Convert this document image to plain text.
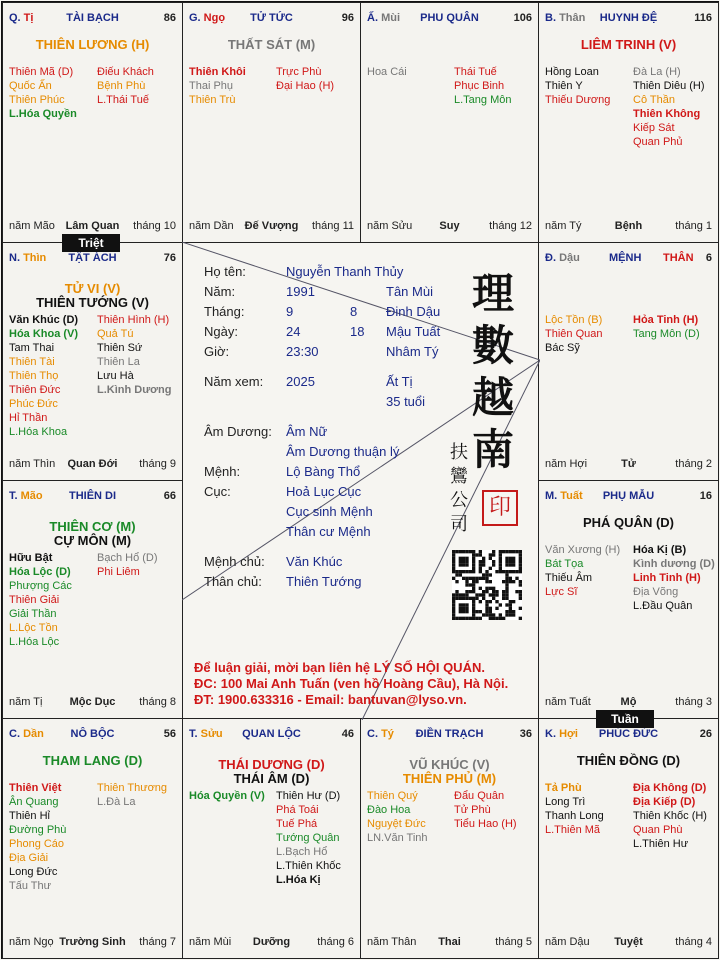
TÀI BẠCH
Q. Tị	86
THIÊN LƯƠNG (H)
Thiên Mã (D)
Quốc Ấn
Thiên Phúc
L.Hóa Quyền
Điếu Khách
Bệnh Phù
L.Thái Tuế
năm Mão Lâm Quan	tháng 10
TỬ TỨC
G. Ngọ	96
THẤT SÁT (M)
Thiên Khôi
Thai Phụ
Thiên Trù
Trực Phù
Đại Hao (H)
năm Dần	Đế Vượng	tháng 11
PHU QUÂN
Ấ. Mùi	106
Hoa Cái	Thái Tuế
Phục Binh
L.Tang Môn
năm Sửu	Suy	tháng 12
HUYNH ĐỆ
B. Thân	116
LIÊM TRINH (V)
Hồng Loan
Thiên Y
Thiếu Dương
Đà La (H)
Thiên Diêu (H)
Cô Thần
Thiên Không
Kiếp Sát
Quan Phủ
năm Tý	Bệnh	tháng 1
TẬT ÁCH
N. Thìn	76
TỬ VI (V)
THIÊN TƯỚNG (V)
Văn Khúc (D)
Hóa Khoa (V)
Tam Thai
Thiên Tài
Thiên Thọ
Thiên Đức
Phúc Đức
Hỉ Thần
L.Hóa Khoa
Thiên Hình (H)
Quả Tú
Thiên Sứ
Thiên La
Lưu Hà
L.Kình Dương
năm Thìn	Quan Đới	tháng 9
THÂN
MỆNH
Đ. Dậu	6
Lộc Tồn (B)
Thiên Quan
Bác Sỹ
Hỏa Tinh (H)
Tang Môn (D)
năm Hợi	Tử	tháng 2
THIÊN DI
T. Mão	66
THIÊN CƠ (M)
CỰ MÔN (M)
Hữu Bật
Hóa Lộc (D)
Phượng Các
Thiên Giải
Giải Thần
L.Lộc Tồn
L.Hóa Lộc
Bạch Hổ (D)
Phi Liêm
năm Tị	Mộc Dục	tháng 8
PHỤ MẪU
M. Tuất	16
PHÁ QUÂN (D)
Văn Xương (H)
Bát Tọa
Thiếu Âm
Lực Sĩ
Hóa Kị (B)
Kình dương (D)
Linh Tinh (H)
Địa Võng
L.Đầu Quân
năm Tuất	Mộ	tháng 3
NÔ BỘC
C. Dần	56
THAM LANG (D)
Thiên Việt
Ân Quang
Thiên Hỉ
Đường Phù
Phong Cáo
Địa Giải
Long Đức
Tấu Thư
Thiên Thương
L.Đà La
năm Ngọ Trường Sinh	tháng 7
QUAN LỘC
T. Sửu	46
THÁI DƯƠNG (D)
THÁI ÂM (D)
Hóa Quyền (V) Thiên Hư (D)
Phá Toái
Tuế Phá
Tướng Quân
L.Bạch Hổ
L.Thiên Khốc
L.Hóa Kị
năm Mùi	Dưỡng	tháng 6
ĐIỀN TRẠCH
C. Tý	36
VŨ KHÚC (V)
THIÊN PHỦ (M)
Thiên Quý
Đào Hoa
Nguyệt Đức
LN.Văn Tinh
Đẩu Quân
Tử Phù
Tiểu Hao (H)
năm Thân	Thai	tháng 5
PHÚC ĐỨC
K. Hợi	26
THIÊN ĐỒNG (D)
Tả Phù
Long Trì
Thanh Long
L.Thiên Mã
Địa Không (D)
Địa Kiếp (D)
Thiên Khốc (H)
Quan Phù
L.Thiên Hư
năm Dậu	Tuyệt	tháng 4
Triệt
Tuần
Họ tên:	Nguyễn Thanh Thủy
Năm:	1991	Tân Mùi
Tháng:	9	8 Đinh Dậu
Ngày:	24	18 Mậu Tuất
Giờ:	23:30	Nhâm Tý
Năm xem: 2025	Ất Tị
35 tuổi
Âm Dương: Âm Nữ
Âm Dương thuận lý
Mệnh:	Lộ Bàng Thổ
Cục:	Hoả Lục Cục
Cục sinh Mệnh
Thân cư Mệnh
Mệnh chủ: Văn Khúc
Thân chủ: Thiên Tướng
Để luận giải, mời bạn liên hệ LÝ SỐ HỘI QUÁN.
ĐC: 100 Mai Anh Tuấn (ven hồ Hoàng Cầu), Hà Nội.
ĐT: 1900.633316 - Email: bantuvan@lyso.vn.
理
數
越
南
扶
鸞
公
司
印
